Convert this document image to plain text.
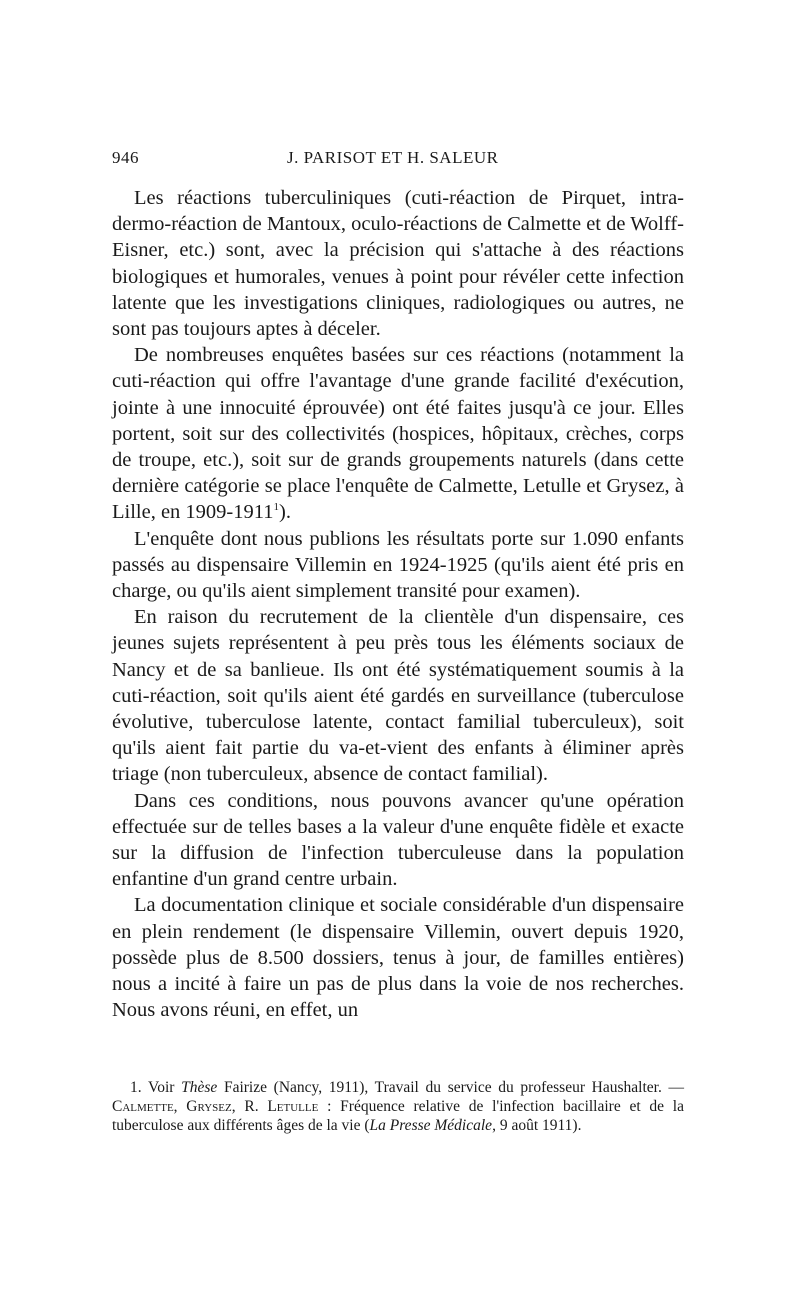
946	J. PARISOT ET H. SALEUR

Les réactions tuberculiniques (cuti-réaction de Pirquet, intra-dermo-réaction de Mantoux, oculo-réactions de Calmette et de Wolff-Eisner, etc.) sont, avec la précision qui s'attache à des réactions biologiques et humorales, venues à point pour révéler cette infection latente que les investigations cliniques, radiologiques ou autres, ne sont pas toujours aptes à déceler.

De nombreuses enquêtes basées sur ces réactions (notamment la cuti-réaction qui offre l'avantage d'une grande facilité d'exécution, jointe à une innocuité éprouvée) ont été faites jusqu'à ce jour. Elles portent, soit sur des collectivités (hospices, hôpitaux, crèches, corps de troupe, etc.), soit sur de grands groupements naturels (dans cette dernière catégorie se place l'enquête de Calmette, Letulle et Grysez, à Lille, en 1909-1911$^1$).

L'enquête dont nous publions les résultats porte sur 1.090 enfants passés au dispensaire Villemin en 1924-1925 (qu'ils aient été pris en charge, ou qu'ils aient simplement transité pour examen).

En raison du recrutement de la clientèle d'un dispensaire, ces jeunes sujets représentent à peu près tous les éléments sociaux de Nancy et de sa banlieue. Ils ont été systématiquement soumis à la cuti-réaction, soit qu'ils aient été gardés en surveillance (tuberculose évolutive, tuberculose latente, contact familial tuberculeux), soit qu'ils aient fait partie du va-et-vient des enfants à éliminer après triage (non tuberculeux, absence de contact familial).

Dans ces conditions, nous pouvons avancer qu'une opération effectuée sur de telles bases a la valeur d'une enquête fidèle et exacte sur la diffusion de l'infection tuberculeuse dans la population enfantine d'un grand centre urbain.

La documentation clinique et sociale considérable d'un dispensaire en plein rendement (le dispensaire Villemin, ouvert depuis 1920, possède plus de 8.500 dossiers, tenus à jour, de familles entières) nous a incité à faire un pas de plus dans la voie de nos recherches. Nous avons réuni, en effet, un

1. Voir Thèse Fairize (Nancy, 1911), Travail du service du professeur Haushalter. — Calmette, Grysez, R. Letulle : Fréquence relative de l'infection bacillaire et de la tuberculose aux différents âges de la vie (La Presse Médicale, 9 août 1911).
